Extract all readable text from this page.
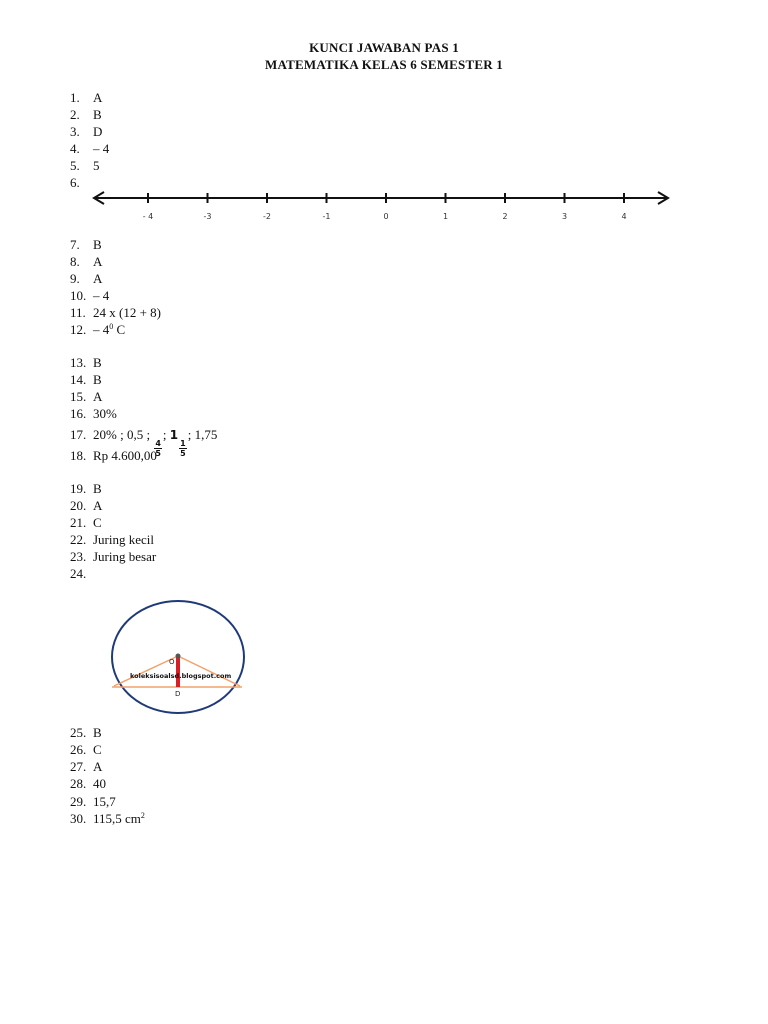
KUNCI JAWABAN PAS 1
MATEMATIKA KELAS 6 SEMESTER 1
1. A
2. B
3. D
4. – 4
5. 5
6.
7. B
8. A
9. A
10. – 4
11. 24 x (12 + 8)
12. – $4^0$ C
13. B
14. B
15. A
16. 30%
17. 20% ; 0,5 ;
$\frac{4}{5}$
; 1
$\frac{1}{5}$
; 1,75
18. Rp 4.600,00
19. B
20. A
21. C
22. Juring kecil
23. Juring besar
24.
25. B
26. C
27. A
28. 40
29. 15,7
30. 115,5 $cm^2$
- 4	-3	-2	-1	0	1	2	3	4
O
koleksisoalsd.blogspot.com
D
